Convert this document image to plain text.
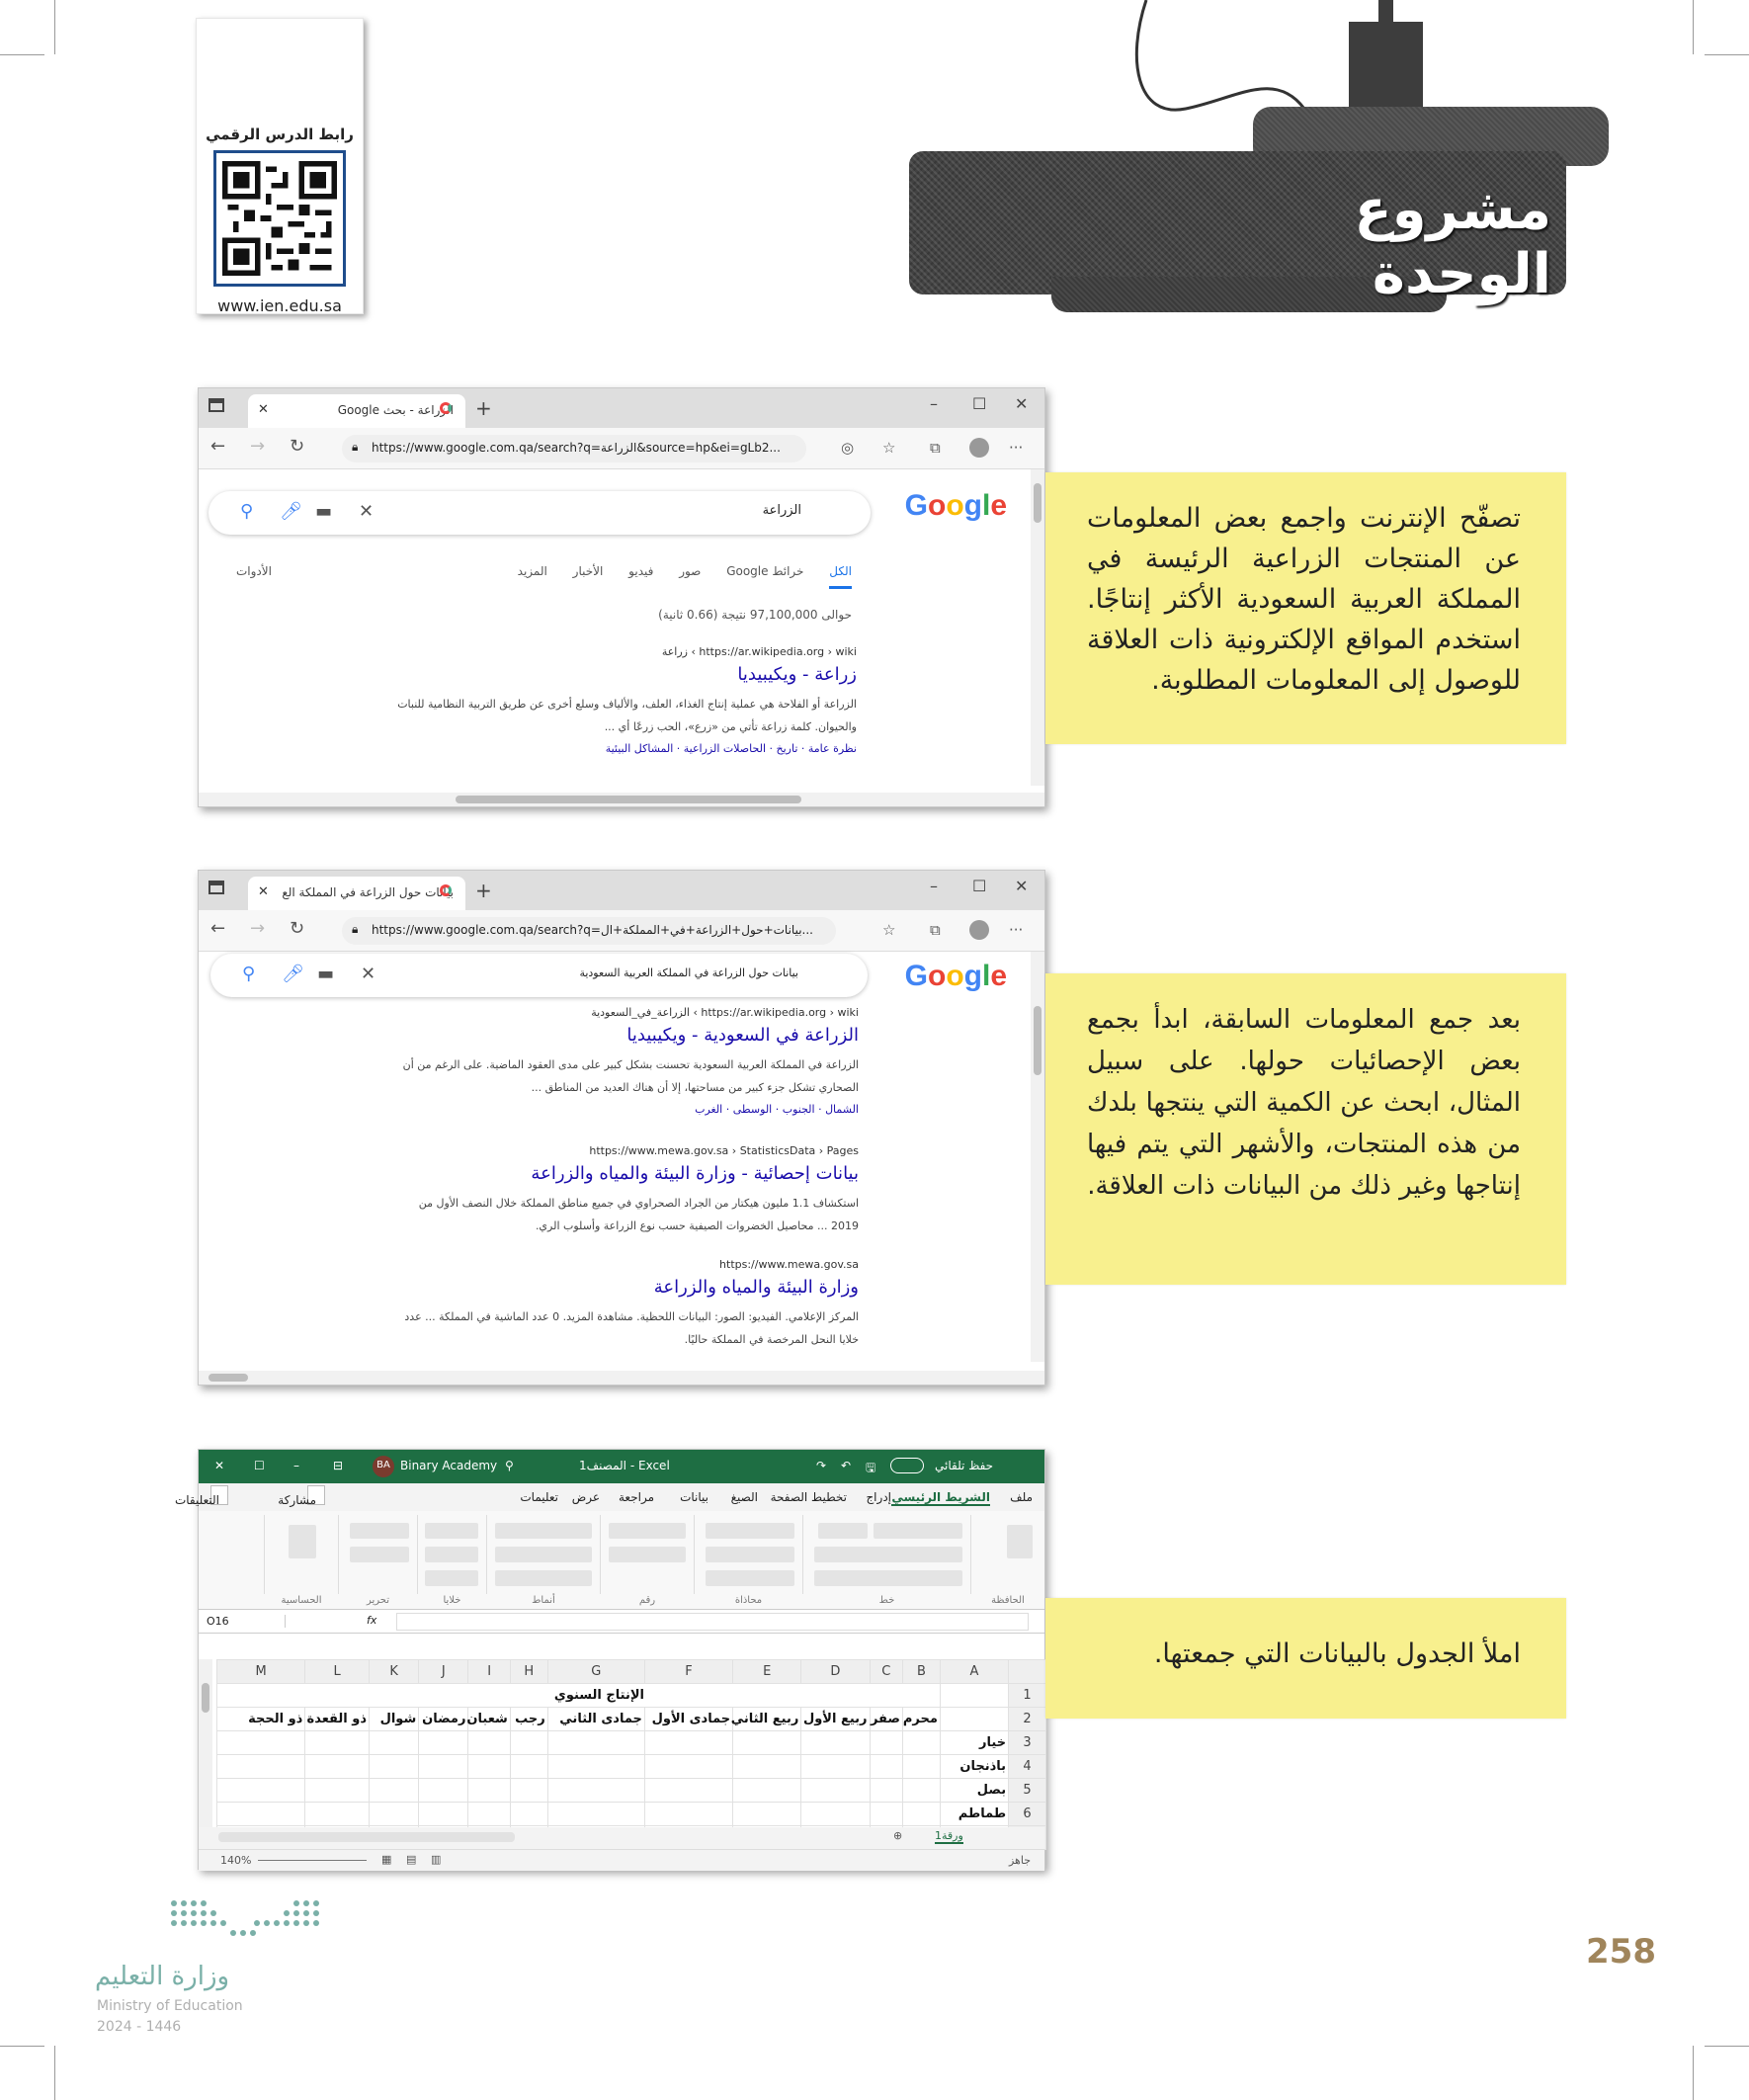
رابط الدرس الرقمي
www.ien.edu.sa
مشروع الوحدة
الزراعة - بحث Google
✕	+	– ☐ ✕
← → ↻	🔒︎ https://www.google.com.qa/search?q=الزراعة&source=hp&ei=gLb2...	◎ ☆ ⧉	···
Google
الزراعة
⚲ 🎤︎ ▬ ✕
الكل خرائط Google صور فيديو الأخبار المزيد
الأدوات
حوالى 97,100,000 نتيجة (0.66 ثانية)
https://ar.wikipedia.org › wiki › زراعة
زراعة - ويكيبيديا
الزراعة أو الفلاحة هي عملية إنتاج الغذاء، العلف، والألياف وسلع أخرى عن طريق التربية النظامية للنبات
والحيوان. كلمة زراعة تأتي من «زرع»، الحب زرعًا أي ...
نظرة عامة · تاريخ · الحاصلات الزراعية · المشاكل البيئية
تصفّح الإنترنت واجمع بعض المعلومات عن المنتجات الزراعية الرئيسة في المملكة العربية السعودية الأكثر إنتاجًا. استخدم المواقع الإلكترونية ذات العلاقة للوصول إلى المعلومات المطلوبة.
بيانات حول الزراعة في المملكة الع
✕	+	– ☐ ✕
← → ↻	🔒︎ https://www.google.com.qa/search?q=بيانات+حول+الزراعة+في+المملكة+ال...	☆ ⧉	···
Google
بيانات حول الزراعة في المملكة العربية السعودية
⚲ 🎤︎ ▬ ✕
https://ar.wikipedia.org › wiki › الزراعة_في_السعودية
الزراعة في السعودية - ويكيبيديا
الزراعة في المملكة العربية السعودية تحسنت بشكل كبير على مدى العقود الماضية. على الرغم من أن
الصحاري تشكل جزء كبير من مساحتها، إلا أن هناك العديد من المناطق ...
الشمال · الجنوب · الوسطى · الغرب
https://www.mewa.gov.sa › StatisticsData › Pages
بيانات إحصائية - وزارة البيئة والمياه والزراعة
استكشاف 1.1 مليون هيكتار من الجراد الصحراوي في جميع مناطق المملكة خلال النصف الأول من
2019 ... محاصيل الخضروات الصيفية حسب نوع الزراعة وأسلوب الري.
https://www.mewa.gov.sa
وزارة البيئة والمياه والزراعة
المركز الإعلامي. الفيديو: الصور: البيانات اللحظية. مشاهدة المزيد. 0 عدد الماشية في المملكة ... عدد
خلايا النحل المرخصة في المملكة حاليًا.
بعد جمع المعلومات السابقة، ابدأ بجمع بعض الإحصائيات حولها. على سبيل المثال، ابحث عن الكمية التي ينتجها بلدك من هذه المنتجات، والأشهر التي يتم فيها إنتاجها وغير ذلك من البيانات ذات العلاقة.
✕ ☐ –	⊟	BA Binary Academy ⚲	المصنف1 - Excel	↷ ↶ 🖫︎	حفظ تلقائي
ملف
الشريط الرئيسي
إدراج
تخطيط الصفحة
الصيغ
بيانات
مراجعة
عرض
تعليمات
مشاركة
التعليقات
الحافظة
خط
محاذاة
رقم
أنماط
خلايا
تحرير
الحساسية
O16	fx
	A	B	C	D	E	F	G	H	I	J	K	L	M
1		الإنتاج السنوي											
2		محرم	صفر	ربيع الأول	ربيع الثاني	جمادى الأول	جمادى الثاني	رجب	شعبان	رمضان	شوال	ذو القعدة	ذو الحجة
3	خيار												
4	باذنجان												
5	بصل												
6	طماطم												

⊕	ورقة1
140%	▦ ▤ ▥	جاهز
املأ الجدول بالبيانات التي جمعتها.
258
وزارة التعليم
Ministry of Education
2024 - 1446
